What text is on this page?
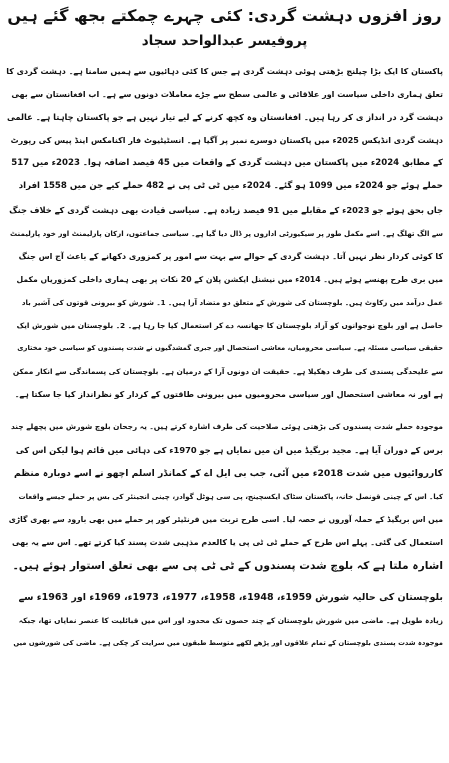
روز افزوں دہشت گردی: کئی چہرے چمکتے بجھ گئے ہیں
پروفیسر عبدالواحد سجاد
پاکستان کا ایک بڑا چیلنج بڑھتی ہوئی دہشت گردی ہے جس کا کئی دہائیوں سے ہمیں سامنا ہے۔ دہشت گردی کا
تعلق ہماری داخلی سیاست اور علاقائی و عالمی سطح سے جڑے معاملات دونوں سے ہے۔ اب افغانستان سے بھی
دہشت گرد در انداز ی کر رہا ہیں۔ افغانستان وہ کچھ کرنے کے لیے تیار نہیں ہے جو پاکستان چاہتا ہے۔ عالمی
دہشت گردی انڈیکس 2025ء میں پاکستان دوسرے نمبر پر آگیا ہے۔ انسٹیٹیوٹ فار اکنامکس اینڈ پیس کی رپورٹ
کے مطابق 2024ء میں پاکستان میں دہشت گردی کے واقعات میں 45 فیصد اضافہ ہوا۔ 2023ء میں 517
حملے ہوئے جو 2024ء میں 1099 ہو گئے۔ 2024ء میں ٹی ٹی پی نے 482 حملے کیے جن میں 1558 افراد
جاں بحق ہوئے جو 2023ء کے مقابلے میں 91 فیصد زیادہ ہے۔ سیاسی قیادت بھی دہشت گردی کے خلاف جنگ
سے الگ تھلگ ہے۔ اسے مکمل طور پر سیکیورٹی اداروں پر ڈال دیا گیا ہے۔ سیاسی جماعتوں، ارکان پارلیمنٹ اور خود پارلیمنٹ
کا کوئی کردار نظر نہیں آتا۔ دہشت گردی کے حوالے سے بہت سے امور پر کمزوری دکھانے کے باعث آج اس جنگ
میں بری طرح پھنسے ہوئے ہیں۔ 2014ء میں نیشنل ایکشن پلان کے 20 نکات پر بھی ہماری داخلی کمزوریاں مکمل
عمل درآمد میں رکاوٹ ہیں۔ بلوچستان کی شورش کے متعلق دو متضاد آرا ہیں۔ 1۔ شورش کو بیرونی قوتوں کی آشیر باد
حاصل ہے اور بلوچ نوجوانوں کو آزاد بلوچستان کا جھانسہ دے کر استعمال کیا جا رہا ہے۔ 2۔ بلوچستان میں شورش ایک
حقیقی سیاسی مسئلہ ہے۔ سیاسی محرومیاں، معاشی استحصال اور جبری گمشدگیوں نے شدت پسندوں کو سیاسی خود مختاری
سے علیحدگی پسندی کی طرف دھکیلا ہے۔ حقیقت ان دونوں آرا کے درمیان ہے۔ بلوچستان کی پسماندگی سے انکار ممکن
ہے اور نہ معاشی استحصال اور سیاسی محرومیوں میں بیرونی طاقتوں کے کردار کو نظرانداز کیا جا سکتا ہے۔
موجودہ حملے شدت پسندوں کی بڑھتی ہوئی صلاحیت کی طرف اشارہ کرتے ہیں۔ یہ رجحان بلوچ شورش میں پچھلے چند
برس کے دوران آیا ہے۔ مجید بریگیڈ میں ان میں نمایاں ہے جو 1970ء کی دہائی میں قائم ہوا لیکن اس کی
کارروائیوں میں شدت 2018ء میں آئی، جب بی ایل اے کے کمانڈر اسلم اچھو نے اسے دوبارہ منظم
کیا۔ اس کے چینی قونصل خانہ، پاکستان سٹاک ایکسچینج، پی سی ہوٹل گوادر، چینی انجینئر کی بس پر حملے جیسے واقعات
میں اس بریگیڈ کے حملہ آوروں نے حصہ لیا۔ اسی طرح تربت میں فرنٹیئر کور پر حملے میں بھی بارود سے بھری گاڑی
استعمال کی گئی۔ پہلے اس طرح کے حملے ٹی ٹی پی یا کالعدم مذہبی شدت پسند کیا کرتے تھے۔ اس سے یہ بھی
اشارہ ملتا ہے کہ بلوچ شدت پسندوں کے ٹی ٹی پی سے بھی تعلق استوار ہوئے ہیں۔
بلوچستان کی حالیہ شورش 1959ء، 1948ء، 1958ء، 1977ء، 1973ء، 1969ء اور 1963ء سے
زیادہ طویل ہے۔ ماضی میں شورش بلوچستان کے چند حصوں تک محدود اور اس میں قبائلیت کا عنصر نمایاں تھا، جبکہ
موجودہ شدت پسندی بلوچستان کے تمام علاقوں اور پڑھے لکھے متوسط طبقوں میں سرایت کر چکی ہے۔ ماضی کی شورشوں میں
